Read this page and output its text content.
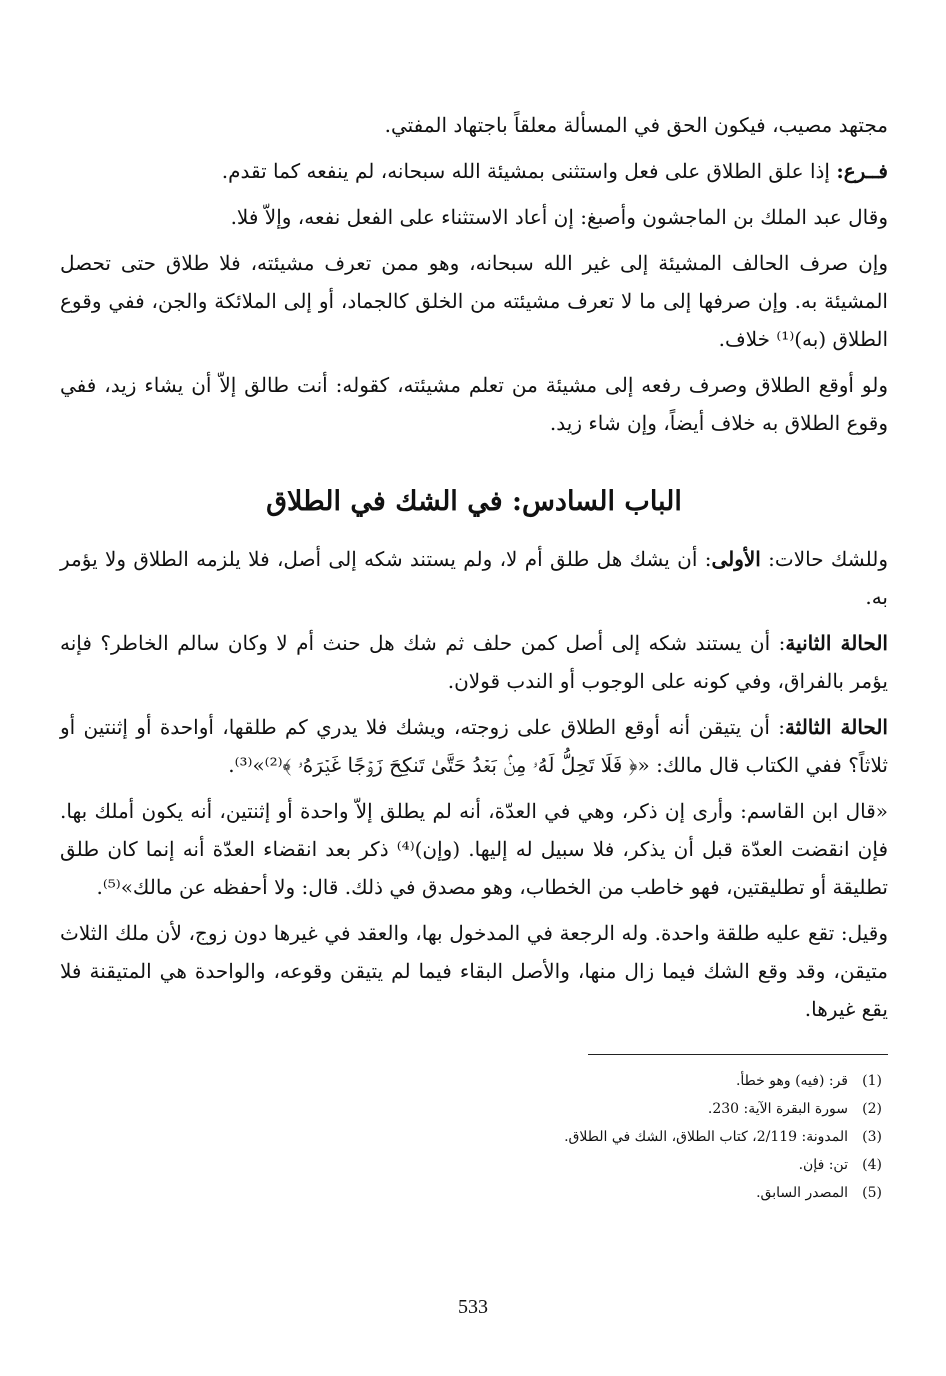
مجتهد مصيب، فيكون الحق في المسألة معلقاً باجتهاد المفتي.

فــرع: إذا علق الطلاق على فعل واستثنى بمشيئة الله سبحانه، لم ينفعه كما تقدم.

وقال عبد الملك بن الماجشون وأصبغ: إن أعاد الاستثناء على الفعل نفعه، وإلاّ فلا.

وإن صرف الحالف المشيئة إلى غير الله سبحانه، وهو ممن تعرف مشيئته، فلا طلاق حتى تحصل المشيئة به. وإن صرفها إلى ما لا تعرف مشيئته من الخلق كالجماد، أو إلى الملائكة والجن، ففي وقوع الطلاق (به)⁽¹⁾ خلاف.

ولو أوقع الطلاق وصرف رفعه إلى مشيئة من تعلم مشيئته، كقوله: أنت طالق إلاّ أن يشاء زيد، ففي وقوع الطلاق به خلاف أيضاً، وإن شاء زيد.

الباب السادس: في الشك في الطلاق

وللشك حالات: الأولى: أن يشك هل طلق أم لا، ولم يستند شكه إلى أصل، فلا يلزمه الطلاق ولا يؤمر به.

الحالة الثانية: أن يستند شكه إلى أصل كمن حلف ثم شك هل حنث أم لا وكان سالم الخاطر؟ فإنه يؤمر بالفراق، وفي كونه على الوجوب أو الندب قولان.

الحالة الثالثة: أن يتيقن أنه أوقع الطلاق على زوجته، ويشك فلا يدري كم طلقها، أواحدة أو إثنتين أو ثلاثاً؟ ففي الكتاب قال مالك: «﴿ فَلَا تَحِلُّ لَهُۥ مِنۢ بَعۡدُ حَتَّىٰ تَنكِحَ زَوۡجًا غَيۡرَهُۥ ﴾⁽²⁾»⁽³⁾.

«قال ابن القاسم: وأرى إن ذكر، وهي في العدّة، أنه لم يطلق إلاّ واحدة أو إثنتين، أنه يكون أملك بها. فإن انقضت العدّة قبل أن يذكر، فلا سبيل له إليها. (وإن)⁽⁴⁾ ذكر بعد انقضاء العدّة أنه إنما كان طلق تطليقة أو تطليقتين، فهو خاطب من الخطاب، وهو مصدق في ذلك. قال: ولا أحفظه عن مالك»⁽⁵⁾.

وقيل: تقع عليه طلقة واحدة. وله الرجعة في المدخول بها، والعقد في غيرها دون زوج، لأن ملك الثلاث متيقن، وقد وقع الشك فيما زال منها، والأصل البقاء فيما لم يتيقن وقوعه، والواحدة هي المتيقنة فلا يقع غيرها.

(1)قر: (فيه) وهو خطأ.

(2)سورة البقرة الآية: 230.

(3)المدونة: 2/119، كتاب الطلاق، الشك في الطلاق.

(4)تن: فإن.

(5)المصدر السابق.

533
